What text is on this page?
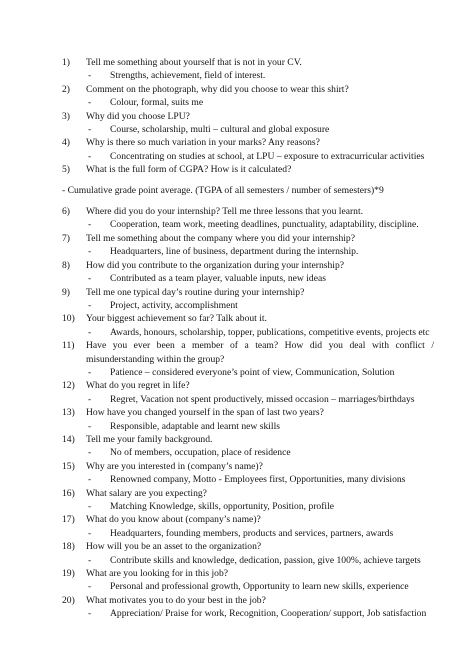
1)	Tell me something about yourself that is not in your CV.
-	Strengths, achievement, field of interest.
2)	Comment on the photograph, why did you choose to wear this shirt?
-	Colour, formal, suits me
3)	Why did you choose LPU?
-	Course, scholarship, multi – cultural and global exposure
4)	Why is there so much variation in your marks? Any reasons?
-	Concentrating on studies at school, at LPU – exposure to extracurricular activities
5)	What is the full form of CGPA? How is it calculated?
- Cumulative grade point average. (TGPA of all semesters / number of semesters)*9
6)	Where did you do your internship? Tell me three lessons that you learnt.
-	Cooperation, team work, meeting deadlines, punctuality, adaptability, discipline.
7)	Tell me something about the company where you did your internship?
-	Headquarters, line of business, department during the internship.
8)	How did you contribute to the organization during your internship?
-	Contributed as a team player, valuable inputs, new ideas
9)	Tell me one typical day’s routine during your internship?
-	Project, activity, accomplishment
10)	Your biggest achievement so far? Talk about it.
-	Awards, honours, scholarship, topper, publications, competitive events, projects etc
11)	Have you ever been a member of a team? How did you deal with conflict / misunderstanding within the group?
-	Patience – considered everyone’s point of view, Communication, Solution
12)	What do you regret in life?
-	Regret, Vacation not spent productively, missed occasion – marriages/birthdays
13)	How have you changed yourself in the span of last two years?
-	Responsible, adaptable and learnt new skills
14)	Tell me your family background.
-	No of members, occupation, place of residence
15)	Why are you interested in (company’s name)?
-	Renowned company, Motto - Employees first, Opportunities, many divisions
16)	What salary are you expecting?
-	Matching Knowledge, skills, opportunity, Position, profile
17)	What do you know about (company’s name)?
-	Headquarters, founding members, products and services, partners, awards
18)	How will you be an asset to the organization?
-	Contribute skills and knowledge, dedication, passion, give 100%, achieve targets
19)	What are you looking for in this job?
-	Personal and professional growth, Opportunity to learn new skills, experience
20)	What motivates you to do your best in the job?
-	Appreciation/ Praise for work, Recognition, Cooperation/ support, Job satisfaction
